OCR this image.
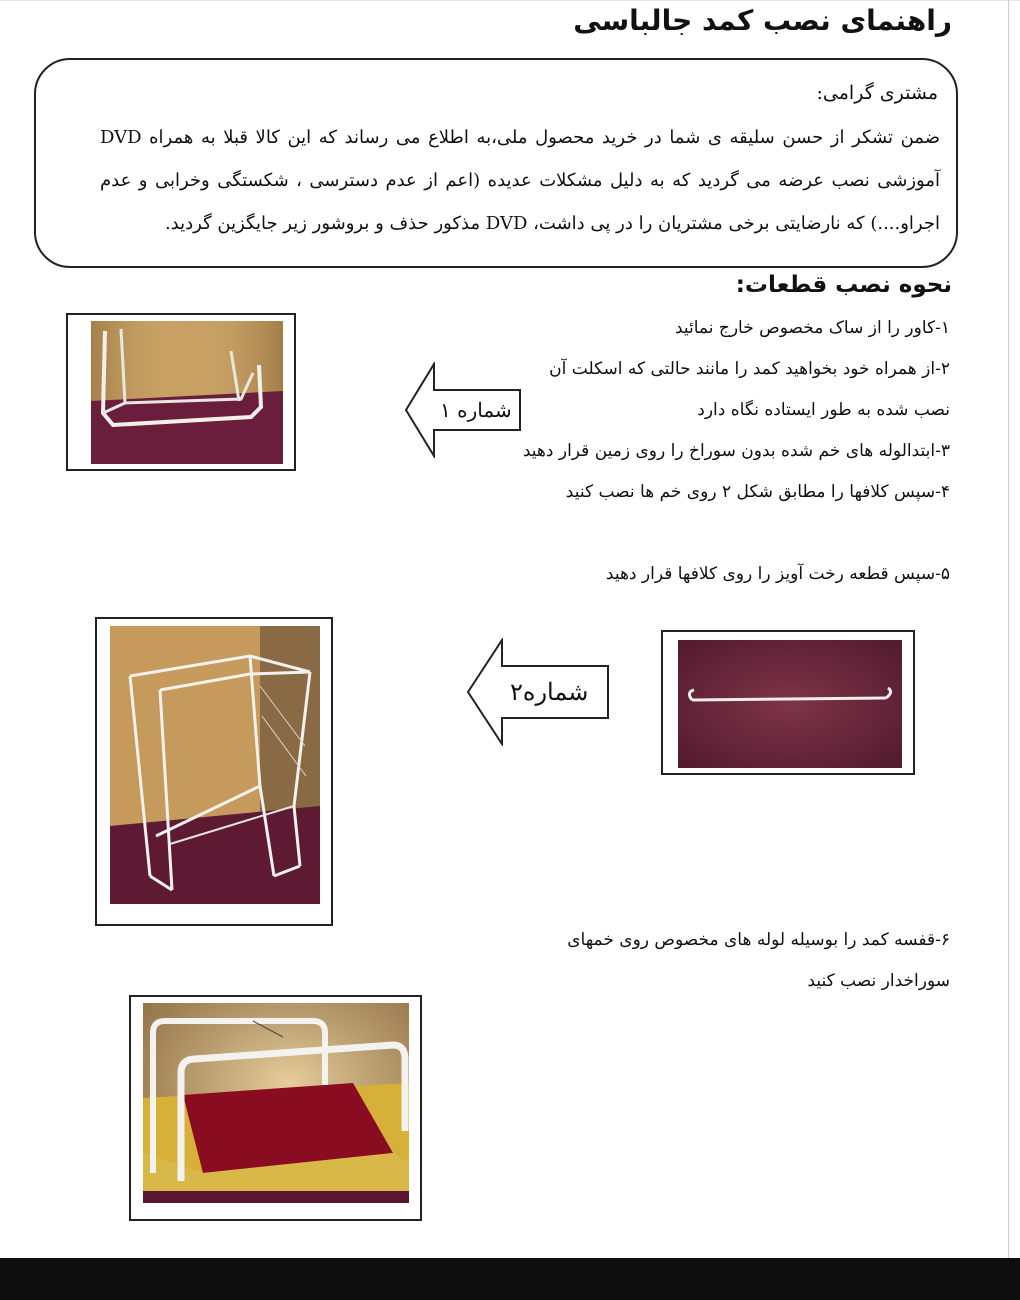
راهنمای نصب کمد جالباسی
مشتری گرامی:
ضمن تشکر از حسن سلیقه ی شما در خرید محصول ملی،به اطلاع می رساند که این کالا قبلا به همراه DVD آموزشی نصب عرضه می گردید که به دلیل مشکلات عدیده (اعم از عدم دسترسی ، شکستگی وخرابی و عدم اجراو....) که نارضایتی برخی مشتریان را در پی داشت، DVD مذکور حذف و بروشور زیر جایگزین گردید.
نحوه نصب قطعات:
۱-کاور را از ساک مخصوص خارج نمائید
۲-از همراه خود بخواهید کمد را مانند حالتی که اسکلت آن
نصب شده به طور ایستاده نگاه دارد
۳-ابتدالوله های خم شده بدون سوراخ را روی زمین قرار دهید
۴-سپس کلافها را مطابق شکل ۲ روی خم ها نصب کنید
۵-سپس قطعه رخت آویز را روی کلافها قرار دهید
۶-قفسه کمد را بوسیله لوله های مخصوص روی خمهای
سوراخدار نصب کنید
شماره ۱
شماره۲
